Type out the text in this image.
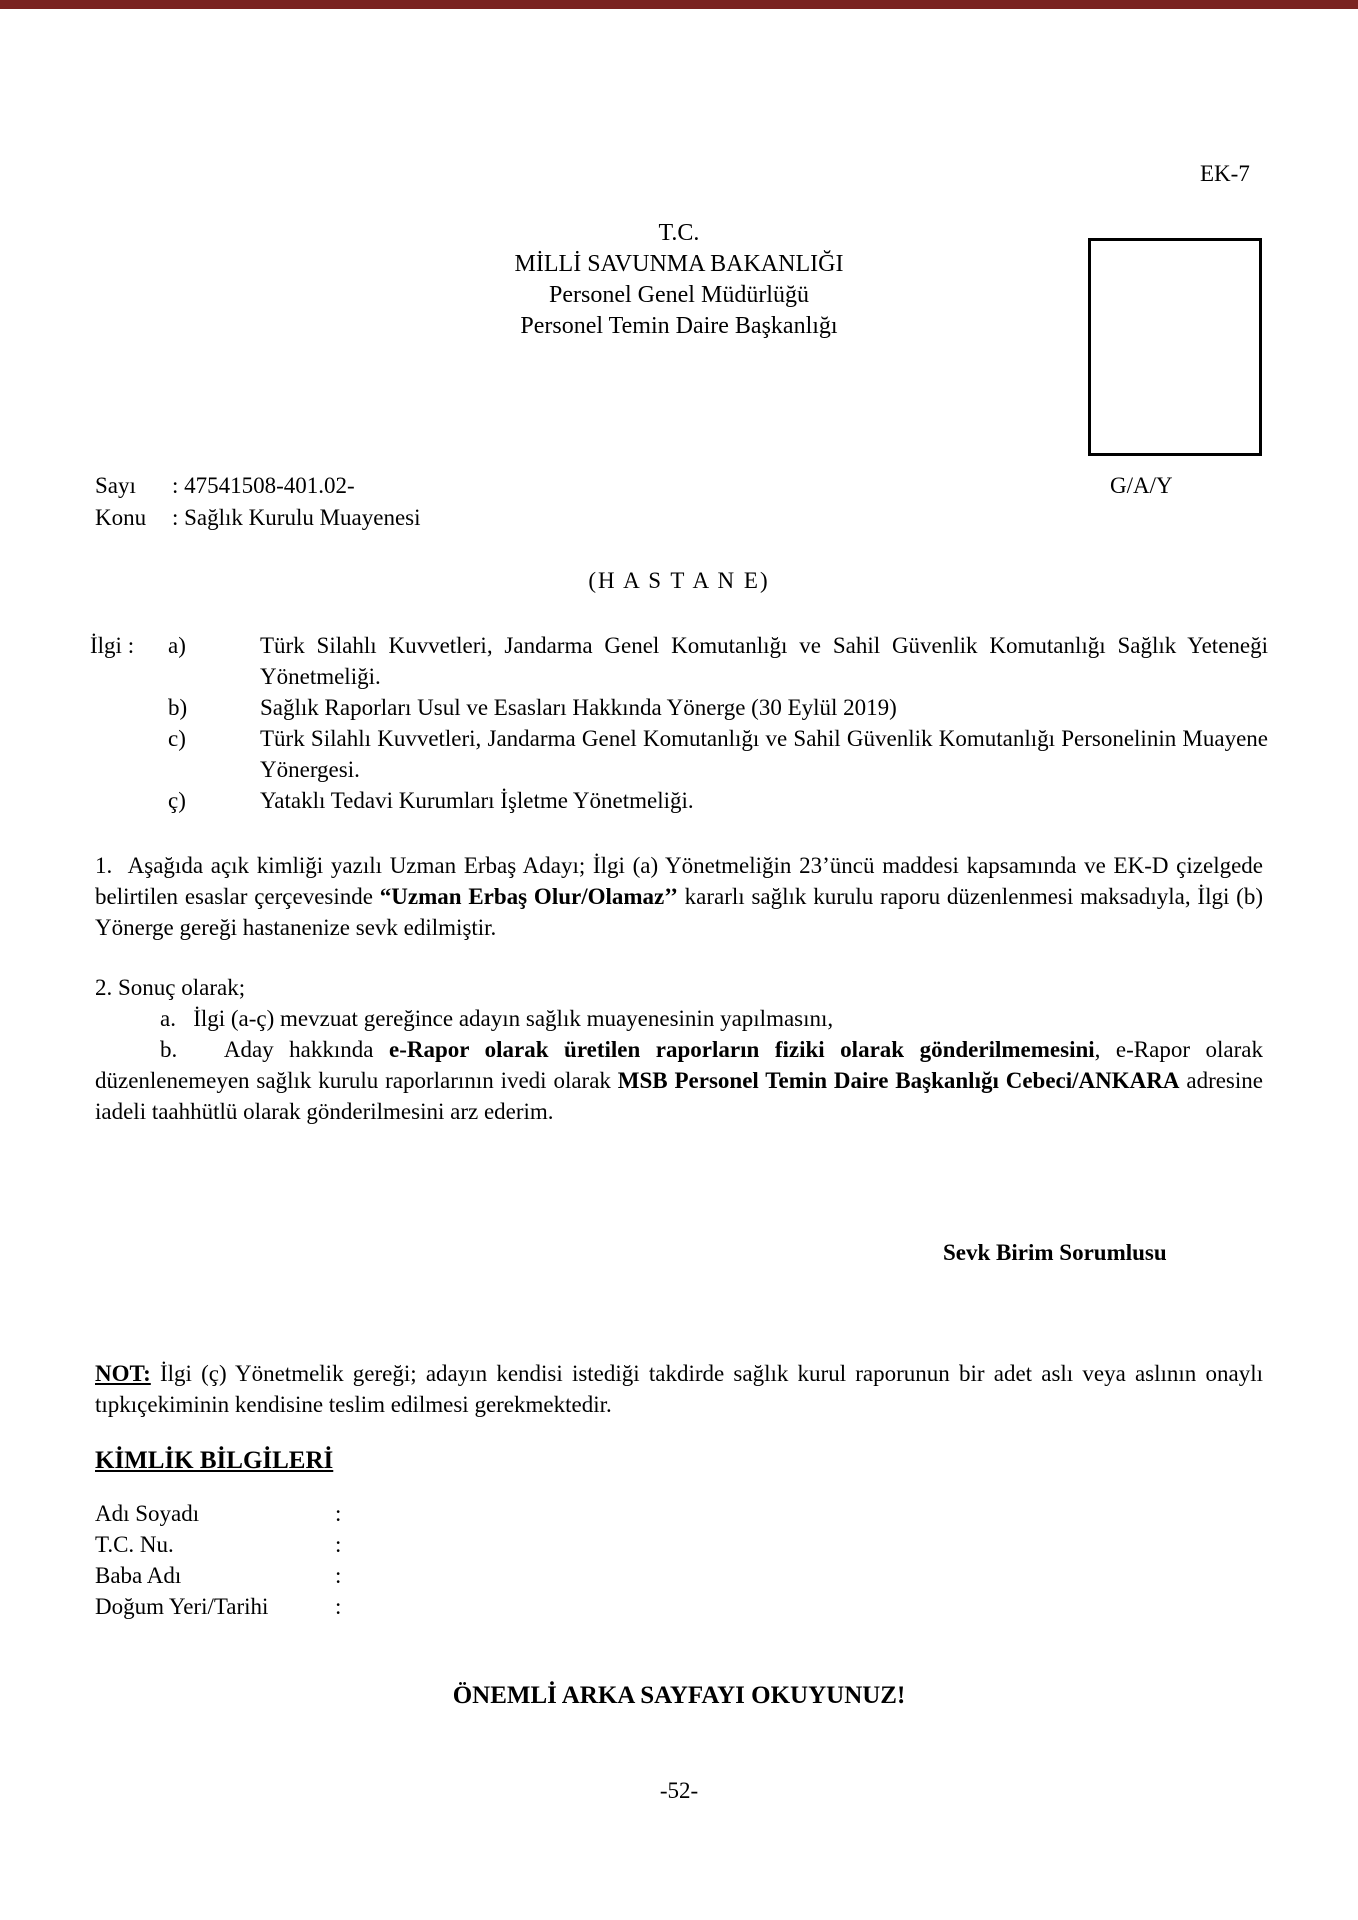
EK-7
T.C.
MİLLİ SAVUNMA BAKANLIĞI
Personel Genel Müdürlüğü
Personel Temin Daire Başkanlığı
Sayı	: 47541508-401.02-
Konu	: Sağlık Kurulu Muayenesi
G/A/Y
(H A S T A N E)
İlgi :	a)	Türk Silahlı Kuvvetleri, Jandarma Genel Komutanlığı ve Sahil Güvenlik Komutanlığı Sağlık Yeteneği Yönetmeliği.
b)	Sağlık Raporları Usul ve Esasları Hakkında Yönerge (30 Eylül 2019)
c)	Türk Silahlı Kuvvetleri, Jandarma Genel Komutanlığı ve Sahil Güvenlik Komutanlığı Personelinin Muayene Yönergesi.
ç)	Yataklı Tedavi Kurumları İşletme Yönetmeliği.
1.  Aşağıda açık kimliği yazılı Uzman Erbaş Adayı; İlgi (a) Yönetmeliğin 23’üncü maddesi kapsamında ve EK-D çizelgede belirtilen esaslar çerçevesinde “Uzman Erbaş Olur/Olamaz’’ kararlı sağlık kurulu raporu düzenlenmesi maksadıyla, İlgi (b) Yönerge gereği hastanenize sevk edilmiştir.
2. Sonuç olarak;
a.   İlgi (a-ç) mevzuat gereğince adayın sağlık muayenesinin yapılmasını,
b.   Aday hakkında e-Rapor olarak üretilen raporların fiziki olarak gönderilmemesini, e-Rapor olarak düzenlenemeyen sağlık kurulu raporlarının ivedi olarak MSB Personel Temin Daire Başkanlığı Cebeci/ANKARA adresine iadeli taahhütlü olarak gönderilmesini arz ederim.
Sevk Birim Sorumlusu
NOT: İlgi (ç) Yönetmelik gereği; adayın kendisi istediği takdirde sağlık kurul raporunun bir adet aslı veya aslının onaylı tıpkıçekiminin kendisine teslim edilmesi gerekmektedir.
KİMLİK BİLGİLERİ
Adı Soyadı	:
T.C. Nu.	:
Baba Adı	:
Doğum Yeri/Tarihi	:
ÖNEMLİ ARKA SAYFAYI OKUYUNUZ!
-52-
